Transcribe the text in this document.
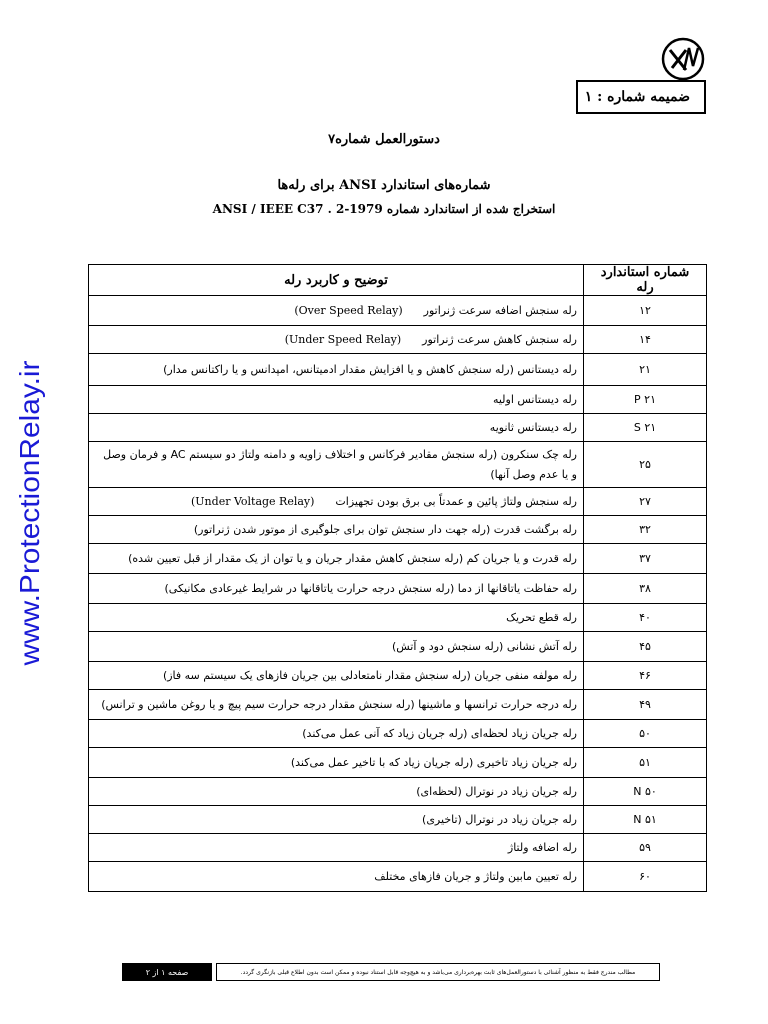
www.ProtectionRelay.ir
ضمیمه شماره : ۱
دستورالعمل شماره۷
شماره‌های استاندارد ANSI برای رله‌ها
استخراج شده از استاندارد شماره ANSI / IEEE C37 . 2-1979
شماره استاندارد رله	توضیح و کاربرد رله
۱۲	رله سنجش اضافه سرعت ژنراتور      (Over Speed Relay)
۱۴	رله سنجش کاهش سرعت ژنراتور      (Under Speed Relay)
۲۱	رله دیستانس (رله سنجش کاهش و یا افزایش مقدار ادمیتانس، امپدانس و یا راکتانس مدار)
۲۱ P	رله دیستانس اولیه
۲۱ S	رله دیستانس ثانویه
۲۵	رله چک سنکرون (رله سنجش مقادیر فرکانس و اختلاف زاویه و دامنه ولتاژ دو سیستم AC و فرمان وصل و یا عدم وصل آنها)
۲۷	رله سنجش ولتاژ پائین و عمدتاً بی برق بودن تجهیزات      (Under Voltage Relay)
۳۲	رله برگشت قدرت (رله جهت دار سنجش توان برای جلوگیری از موتور شدن ژنراتور)
۳۷	رله قدرت و یا جریان کم (رله سنجش کاهش مقدار جریان و یا توان از یک مقدار از قبل تعیین شده)
۳۸	رله حفاظت یاتاقانها از دما (رله سنجش درجه حرارت یاتاقانها در شرایط غیرعادی مکانیکی)
۴۰	رله قطع تحریک
۴۵	رله آتش نشانی (رله سنجش دود و آتش)
۴۶	رله مولفه منفی جریان (رله سنجش مقدار نامتعادلی بین جریان فازهای یک سیستم سه فاز)
۴۹	رله درجه حرارت ترانسها و ماشینها (رله سنجش مقدار درجه حرارت سیم پیچ و یا روغن ماشین و ترانس)
۵۰	رله جریان زیاد لحظه‌ای (رله جریان زیاد که آنی عمل می‌کند)
۵۱	رله جریان زیاد تاخیری (رله جریان زیاد که با تاخیر عمل می‌کند)
۵۰ N	رله جریان زیاد در نوترال (لحظه‌ای)
۵۱ N	رله جریان زیاد در نوترال (تاخیری)
۵۹	رله اضافه ولتاژ
۶۰	رله تعیین مابین ولتاژ و جریان فازهای مختلف
صفحه ۱ از ۲	مطالب مندرج فقط به منظور آشنائی با دستورالعمل‌های ثابت بهره‌برداری می‌باشد و به هیچ‌وجه قابل استناد نبوده و ممکن است بدون اطلاع قبلی بازنگری گردد.
